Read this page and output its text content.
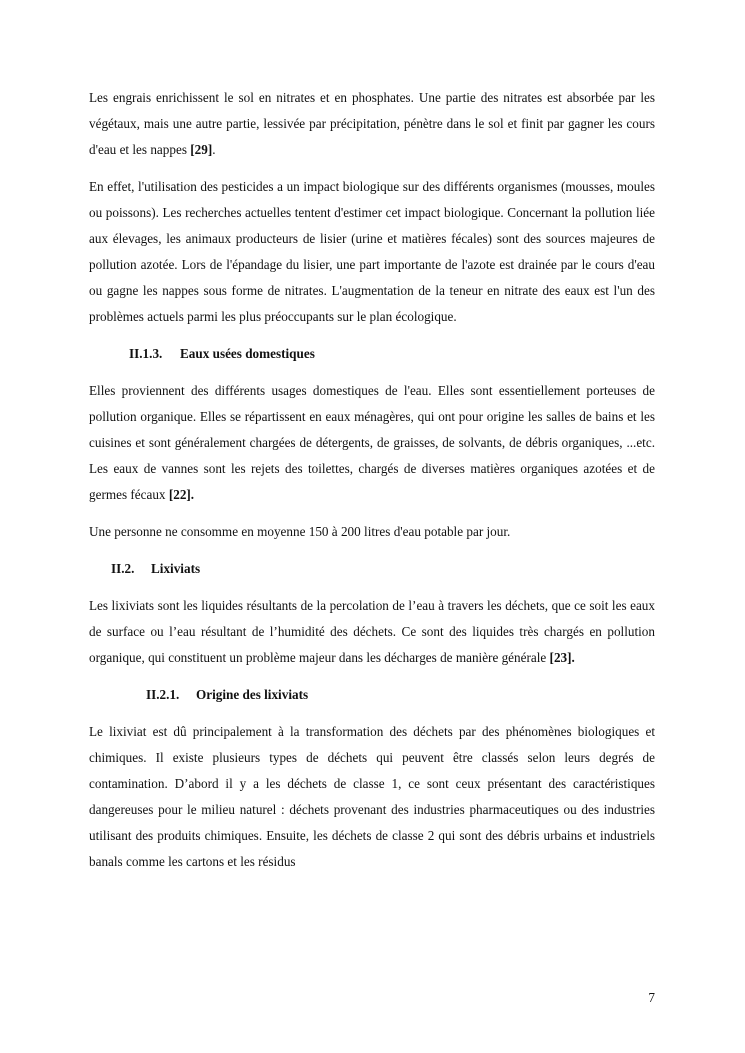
Les engrais enrichissent le sol en nitrates et en phosphates. Une partie des nitrates est absorbée par les végétaux, mais une autre partie, lessivée par précipitation, pénètre dans le sol et finit par gagner les cours d'eau et les nappes [29].

En effet, l'utilisation des pesticides a un impact biologique sur des différents organismes (mousses, moules ou poissons). Les recherches actuelles tentent d'estimer cet impact biologique. Concernant la pollution liée aux élevages, les animaux producteurs de lisier (urine et matières fécales) sont des sources majeures de pollution azotée. Lors de l'épandage du lisier, une part importante de l'azote est drainée par le cours d'eau ou gagne les nappes sous forme de nitrates. L'augmentation de la teneur en nitrate des eaux est l'un des problèmes actuels parmi les plus préoccupants sur le plan écologique.

II.1.3. Eaux usées domestiques

Elles proviennent des différents usages domestiques de l'eau. Elles sont essentiellement porteuses de pollution organique. Elles se répartissent en eaux ménagères, qui ont pour origine les salles de bains et les cuisines et sont généralement chargées de détergents, de graisses, de solvants, de débris organiques, ...etc. Les eaux de vannes sont les rejets des toilettes, chargés de diverses matières organiques azotées et de germes fécaux [22].

Une personne ne consomme en moyenne 150 à 200 litres d'eau potable par jour.

II.2. Lixiviats

Les lixiviats sont les liquides résultants de la percolation de l’eau à travers les déchets, que ce soit les eaux de surface ou l’eau résultant de l’humidité des déchets. Ce sont des liquides très chargés en pollution organique, qui constituent un problème majeur dans les décharges de manière générale [23].

II.2.1. Origine des lixiviats

Le lixiviat est dû principalement à la transformation des déchets par des phénomènes biologiques et chimiques. Il existe plusieurs types de déchets qui peuvent être classés selon leurs degrés de contamination. D’abord il y a les déchets de classe 1, ce sont ceux présentant des caractéristiques dangereuses pour le milieu naturel : déchets provenant des industries pharmaceutiques ou des industries utilisant des produits chimiques. Ensuite, les déchets de classe 2 qui sont des débris urbains et industriels banals comme les cartons et les résidus

7
